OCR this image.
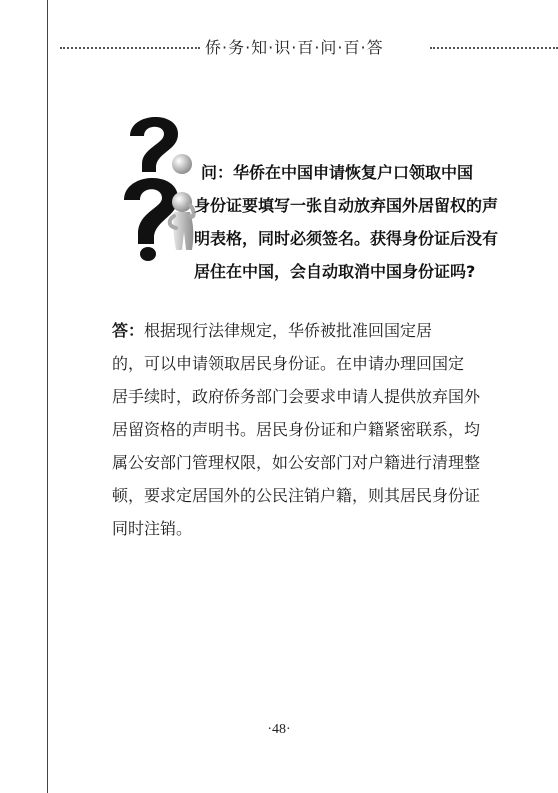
侨·务·知·识·百·问·百·答
问：华侨在中国申请恢复户口领取中国
身份证要填写一张自动放弃国外居留权的声
明表格，同时必须签名。获得身份证后没有
居住在中国，会自动取消中国身份证吗?
答：根据现行法律规定，华侨被批准回国定居
的，可以申请领取居民身份证。在申请办理回国定
居手续时，政府侨务部门会要求申请人提供放弃国外
居留资格的声明书。居民身份证和户籍紧密联系，均
属公安部门管理权限，如公安部门对户籍进行清理整
顿，要求定居国外的公民注销户籍，则其居民身份证
同时注销。
·48·
